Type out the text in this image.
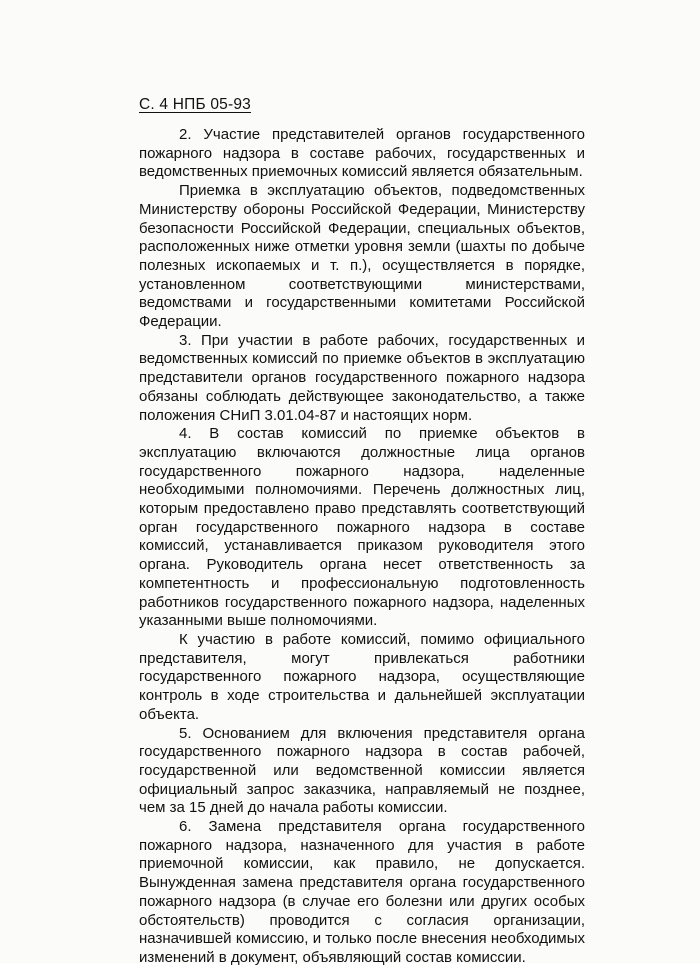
С. 4 НПБ 05-93

2. Участие представителей органов государственного пожарного надзора в составе рабочих, государственных и ведомственных приемочных комиссий является обязательным.

Приемка в эксплуатацию объектов, подведомственных Министерству обороны Российской Федерации, Министерству безопасности Российской Федерации, специальных объектов, расположенных ниже отметки уровня земли (шахты по добыче полезных ископаемых и т. п.), осуществляется в порядке, установленном соответствующими министерствами, ведомствами и государственными комитетами Российской Федерации.

3. При участии в работе рабочих, государственных и ведомственных комиссий по приемке объектов в эксплуатацию представители органов государственного пожарного надзора обязаны соблюдать действующее законодательство, а также положения СНиП 3.01.04-87 и настоящих норм.

4. В состав комиссий по приемке объектов в эксплуатацию включаются должностные лица органов государственного пожарного надзора, наделенные необходимыми полномочиями. Перечень должностных лиц, которым предоставлено право представлять соответствующий орган государственного пожарного надзора в составе комиссий, устанавливается приказом руководителя этого органа. Руководитель органа несет ответственность за компетентность и профессиональную подготовленность работников государственного пожарного надзора, наделенных указанными выше полномочиями.

К участию в работе комиссий, помимо официального представителя, могут привлекаться работники государственного пожарного надзора, осуществляющие контроль в ходе строительства и дальнейшей эксплуатации объекта.

5. Основанием для включения представителя органа государственного пожарного надзора в состав рабочей, государственной или ведомственной комиссии является официальный запрос заказчика, направляемый не позднее, чем за 15 дней до начала работы комиссии.

6. Замена представителя органа государственного пожарного надзора, назначенного для участия в работе приемочной комиссии, как правило, не допускается. Вынужденная замена представителя органа государственного пожарного надзора (в случае его болезни или других особых обстоятельств) проводится с согласия организации, назначившей комиссию, и только после внесения необходимых изменений в документ, объявляющий состав комиссии.
